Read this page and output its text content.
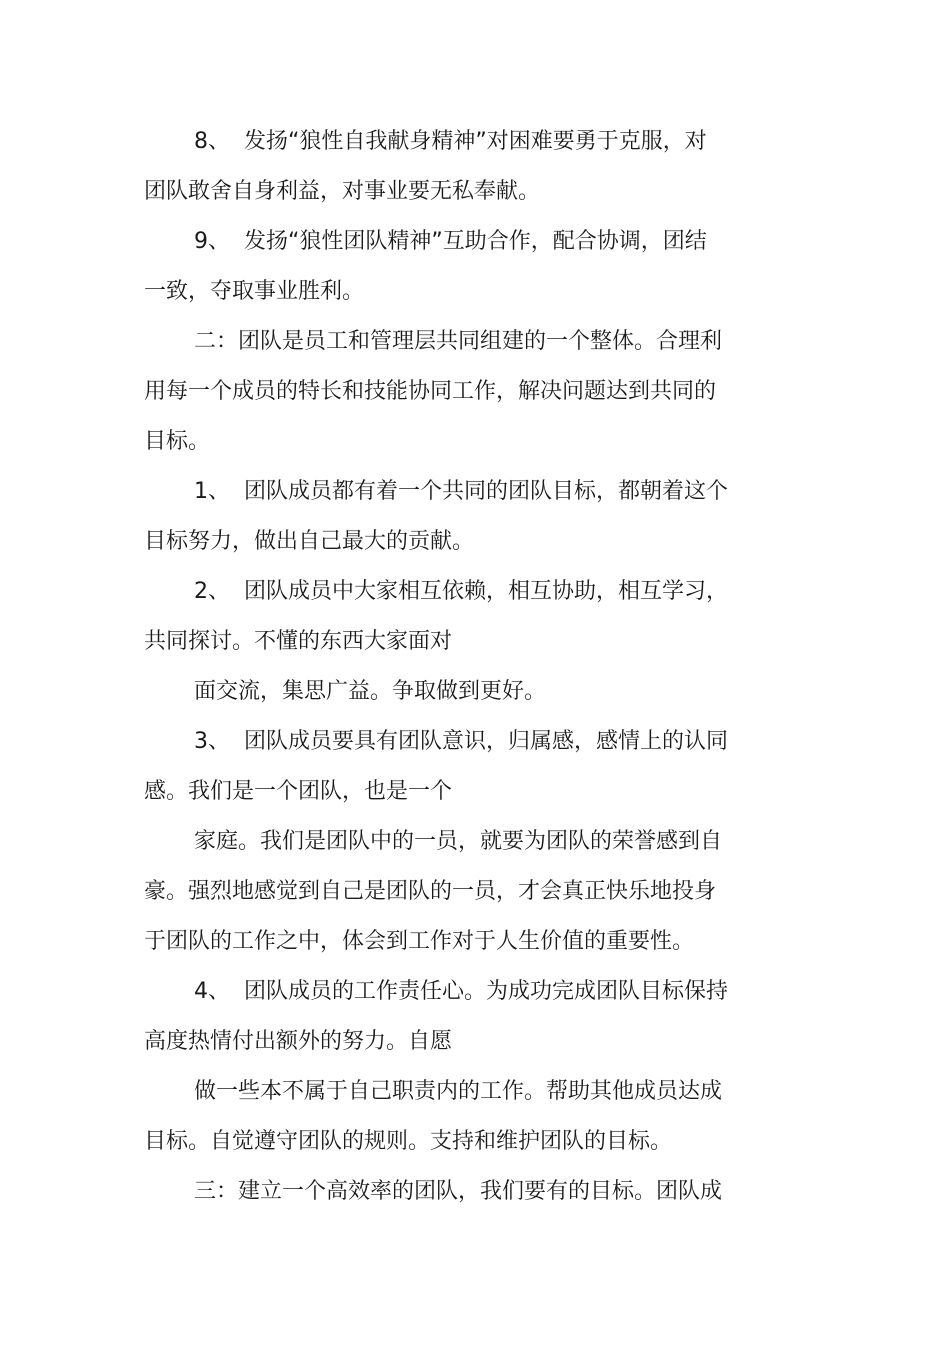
8、  发扬“狼性自我献身精神”对困难要勇于克服，对
团队敢舍自身利益，对事业要无私奉献。
9、  发扬“狼性团队精神”互助合作，配合协调，团结
一致，夺取事业胜利。
二：团队是员工和管理层共同组建的一个整体。合理利
用每一个成员的特长和技能协同工作，解决问题达到共同的
目标。
1、  团队成员都有着一个共同的团队目标，都朝着这个
目标努力，做出自己最大的贡献。
2、  团队成员中大家相互依赖，相互协助，相互学习，
共同探讨。不懂的东西大家面对
面交流，集思广益。争取做到更好。
3、  团队成员要具有团队意识，归属感，感情上的认同
感。我们是一个团队，也是一个
家庭。我们是团队中的一员，就要为团队的荣誉感到自
豪。强烈地感觉到自己是团队的一员，才会真正快乐地投身
于团队的工作之中，体会到工作对于人生价值的重要性。
4、  团队成员的工作责任心。为成功完成团队目标保持
高度热情付出额外的努力。自愿
做一些本不属于自己职责内的工作。帮助其他成员达成
目标。自觉遵守团队的规则。支持和维护团队的目标。
三：建立一个高效率的团队，我们要有的目标。团队成
